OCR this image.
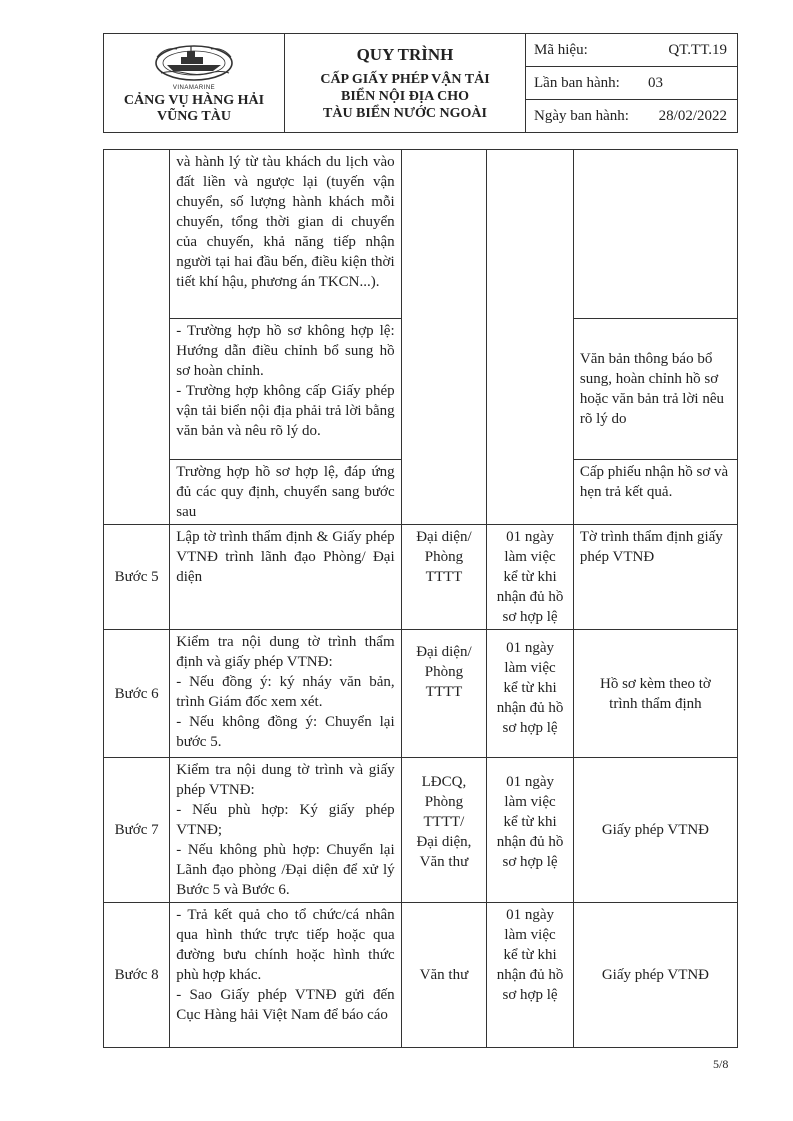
VINAMARINE
CẢNG VỤ HÀNG HẢI
VŨNG TÀU

QUY TRÌNH
CẤP GIẤY PHÉP VẬN TẢI
BIỂN NỘI ĐỊA CHO
TÀU BIỂN NƯỚC NGOÀI

Mã hiệu:	QT.TT.19
Lần ban hành: 03
Ngày ban hành: 28/02/2022
	và hành lý từ tàu khách du lịch vào đất liền và ngược lại (tuyến vận chuyển, số lượng hành khách mỗi chuyến, tổng thời gian di chuyển của chuyến, khả năng tiếp nhận người tại hai đầu bến, điều kiện thời tiết khí hậu, phương án TKCN...).			
	- Trường hợp hồ sơ không hợp lệ: Hướng dẫn điều chỉnh bổ sung hồ sơ hoàn chỉnh.
- Trường hợp không cấp Giấy phép vận tải biển nội địa phải trả lời bằng văn bản và nêu rõ lý do.			Văn bản thông báo bổ sung, hoàn chỉnh hồ sơ hoặc văn bản trả lời nêu rõ lý do
	Trường hợp hồ sơ hợp lệ, đáp ứng đủ các quy định, chuyển sang bước sau			Cấp phiếu nhận hồ sơ và hẹn trả kết quả.
Bước 5	Lập tờ trình thẩm định & Giấy phép VTNĐ trình lãnh đạo Phòng/ Đại diện	Đại diện/
Phòng
TTTT	01 ngày
làm việc
kể từ khi
nhận đủ hồ
sơ hợp lệ	Tờ trình thẩm định giấy phép VTNĐ
Bước 6	Kiểm tra nội dung tờ trình thẩm định và giấy phép VTNĐ:
- Nếu đồng ý: ký nháy văn bản, trình Giám đốc xem xét.
- Nếu không đồng ý: Chuyển lại bước 5.	Đại diện/
Phòng
TTTT	01 ngày
làm việc
kể từ khi
nhận đủ hồ
sơ hợp lệ	Hồ sơ kèm theo tờ
trình thẩm định
Bước 7	Kiểm tra nội dung tờ trình và giấy phép VTNĐ:
- Nếu phù hợp: Ký giấy phép VTNĐ;
- Nếu không phù hợp: Chuyển lại Lãnh đạo phòng /Đại diện để xử lý Bước 5 và Bước 6.	LĐCQ,
Phòng
TTTT/
Đại diện,
Văn thư	01 ngày
làm việc
kể từ khi
nhận đủ hồ
sơ hợp lệ	Giấy phép VTNĐ
Bước 8	- Trả kết quả cho tổ chức/cá nhân qua hình thức trực tiếp hoặc qua đường bưu chính hoặc hình thức phù hợp khác.
- Sao Giấy phép VTNĐ gửi đến Cục Hàng hải Việt Nam để báo cáo	Văn thư	01 ngày
làm việc
kể từ khi
nhận đủ hồ
sơ hợp lệ	Giấy phép VTNĐ
5/8
